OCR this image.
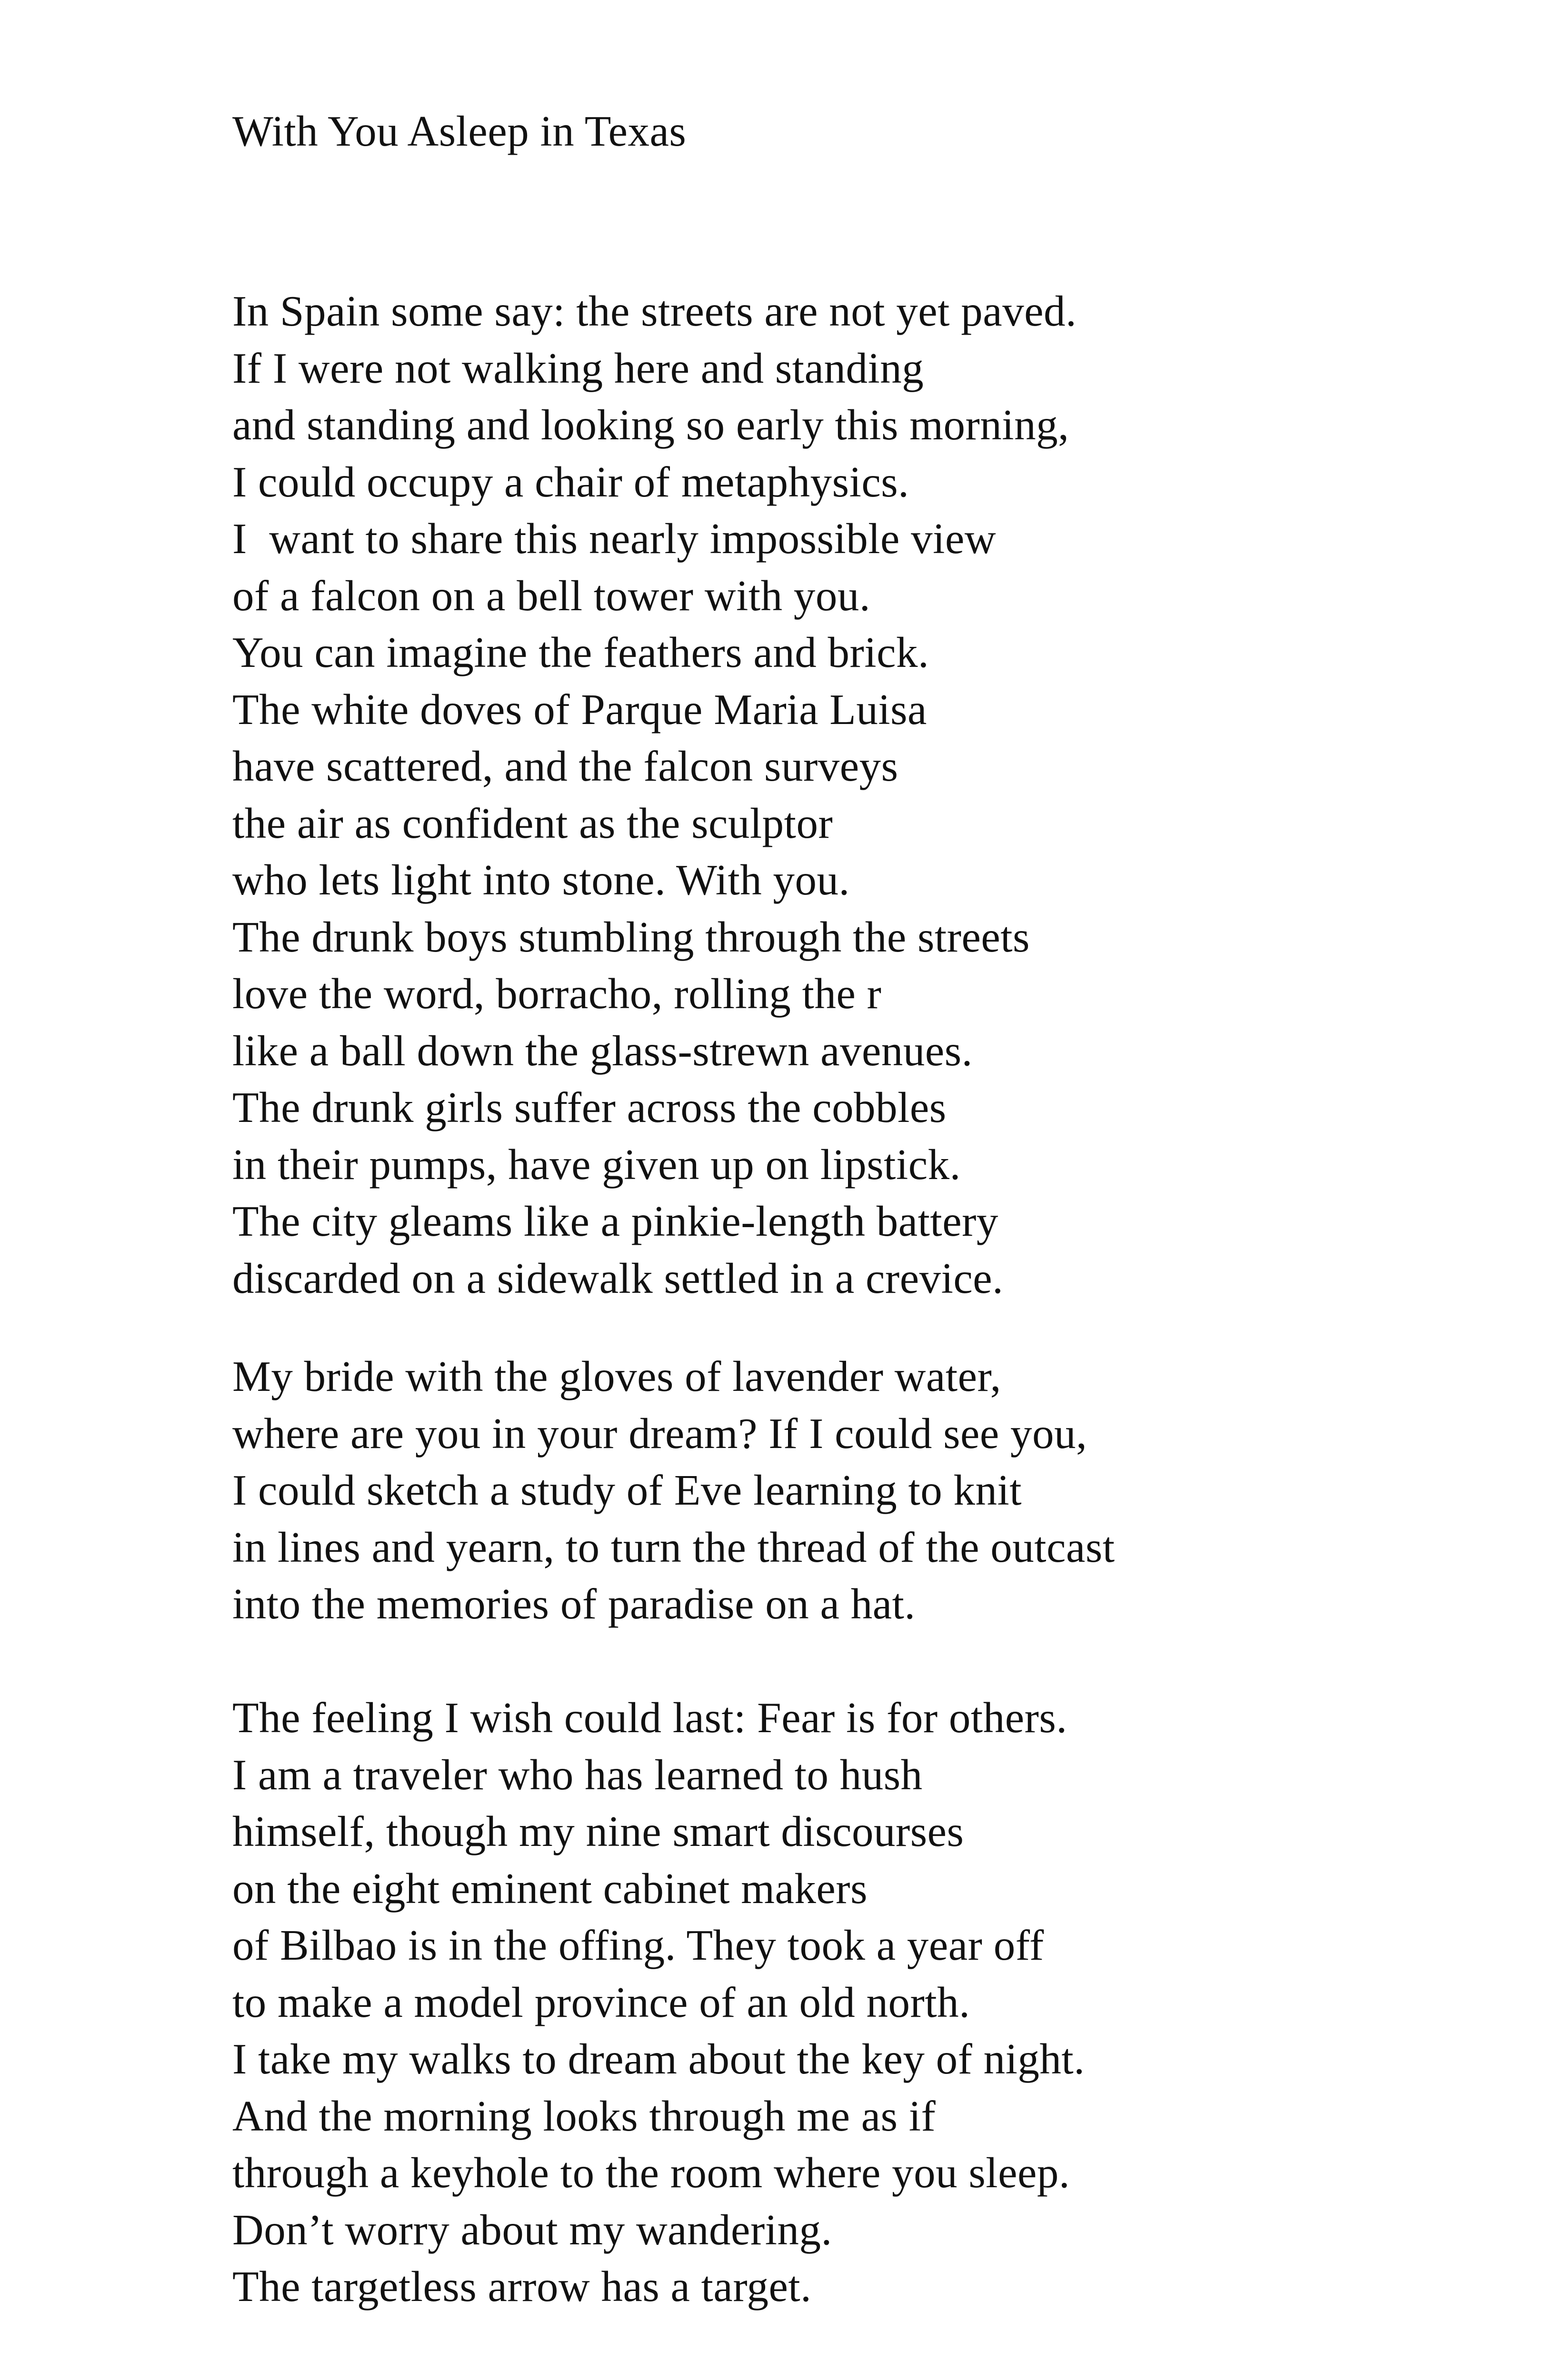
With You Asleep in Texas
In Spain some say: the streets are not yet paved.
If I were not walking here and standing
and standing and looking so early this morning,
I could occupy a chair of metaphysics.
I  want to share this nearly impossible view
of a falcon on a bell tower with you.
You can imagine the feathers and brick.
The white doves of Parque Maria Luisa
have scattered, and the falcon surveys
the air as confident as the sculptor
who lets light into stone. With you.
The drunk boys stumbling through the streets
love the word, borracho, rolling the r
like a ball down the glass-strewn avenues.
The drunk girls suffer across the cobbles
in their pumps, have given up on lipstick.
The city gleams like a pinkie-length battery
discarded on a sidewalk settled in a crevice.
My bride with the gloves of lavender water,
where are you in your dream? If I could see you,
I could sketch a study of Eve learning to knit
in lines and yearn, to turn the thread of the outcast
into the memories of paradise on a hat.
The feeling I wish could last: Fear is for others.
I am a traveler who has learned to hush
himself, though my nine smart discourses
on the eight eminent cabinet makers
of Bilbao is in the offing. They took a year off
to make a model province of an old north.
I take my walks to dream about the key of night.
And the morning looks through me as if
through a keyhole to the room where you sleep.
Don’t worry about my wandering.
The targetless arrow has a target.
